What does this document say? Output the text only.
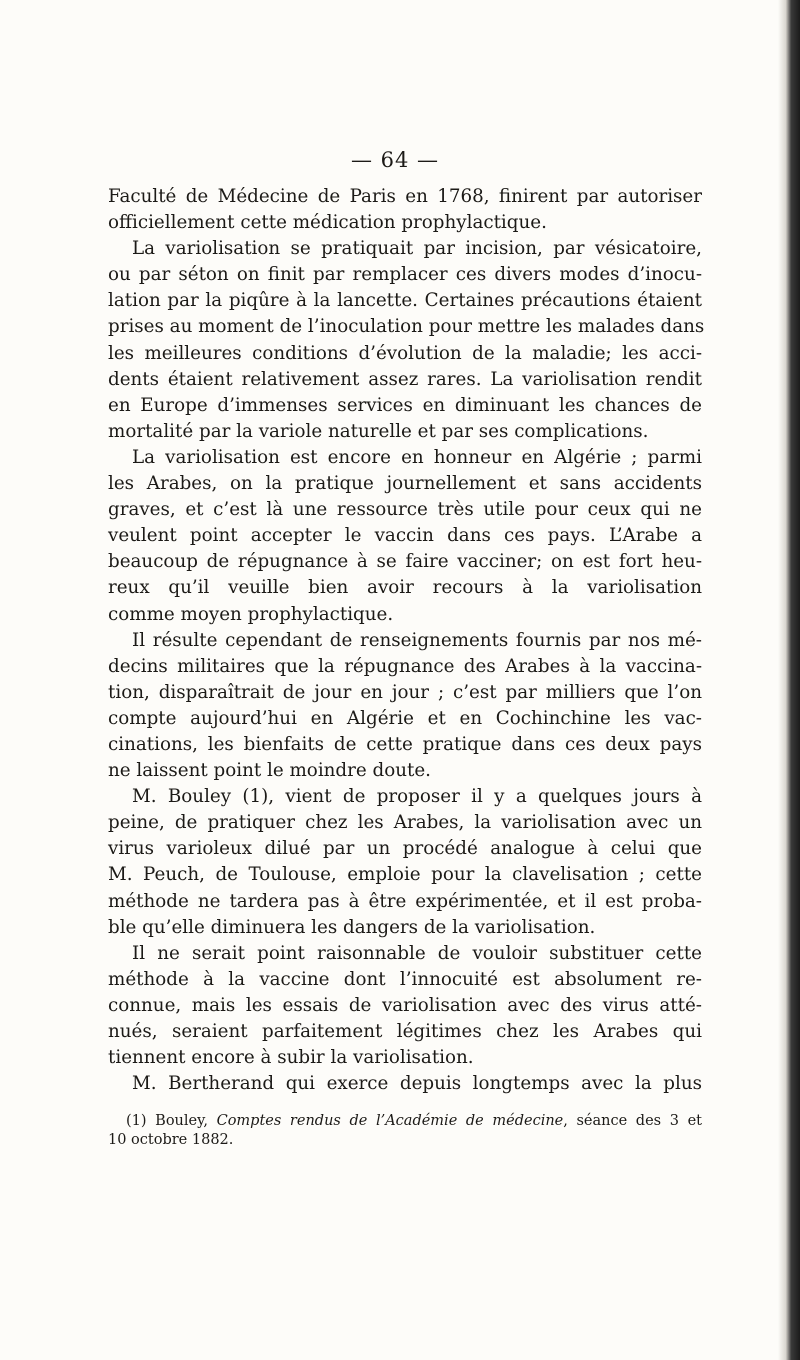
— 64 —
Faculté de Médecine de Paris en 1768, finirent par autoriser
officiellement cette médication prophylactique.
La variolisation se pratiquait par incision, par vésicatoire,
ou par séton on finit par remplacer ces divers modes d’inocu-
lation par la piqûre à la lancette. Certaines précautions étaient
prises au moment de l’inoculation pour mettre les malades dans
les meilleures conditions d’évolution de la maladie; les acci-
dents étaient relativement assez rares. La variolisation rendit
en Europe d’immenses services en diminuant les chances de
mortalité par la variole naturelle et par ses complications.
La variolisation est encore en honneur en Algérie ; parmi
les Arabes, on la pratique journellement et sans accidents
graves, et c’est là une ressource très utile pour ceux qui ne
veulent point accepter le vaccin dans ces pays. L’Arabe a
beaucoup de répugnance à se faire vacciner; on est fort heu-
reux qu’il veuille bien avoir recours à la variolisation
comme moyen prophylactique.
Il résulte cependant de renseignements fournis par nos mé-
decins militaires que la répugnance des Arabes à la vaccina-
tion, disparaîtrait de jour en jour ; c’est par milliers que l’on
compte aujourd’hui en Algérie et en Cochinchine les vac-
cinations, les bienfaits de cette pratique dans ces deux pays
ne laissent point le moindre doute.
M. Bouley (1), vient de proposer il y a quelques jours à
peine, de pratiquer chez les Arabes, la variolisation avec un
virus varioleux dilué par un procédé analogue à celui que
M. Peuch, de Toulouse, emploie pour la clavelisation ; cette
méthode ne tardera pas à être expérimentée, et il est proba-
ble qu’elle diminuera les dangers de la variolisation.
Il ne serait point raisonnable de vouloir substituer cette
méthode à la vaccine dont l’innocuité est absolument re-
connue, mais les essais de variolisation avec des virus atté-
nués, seraient parfaitement légitimes chez les Arabes qui
tiennent encore à subir la variolisation.
M. Bertherand qui exerce depuis longtemps avec la plus
(1) Bouley, Comptes rendus de l’Académie de médecine, séance des 3 et
10 octobre 1882.
